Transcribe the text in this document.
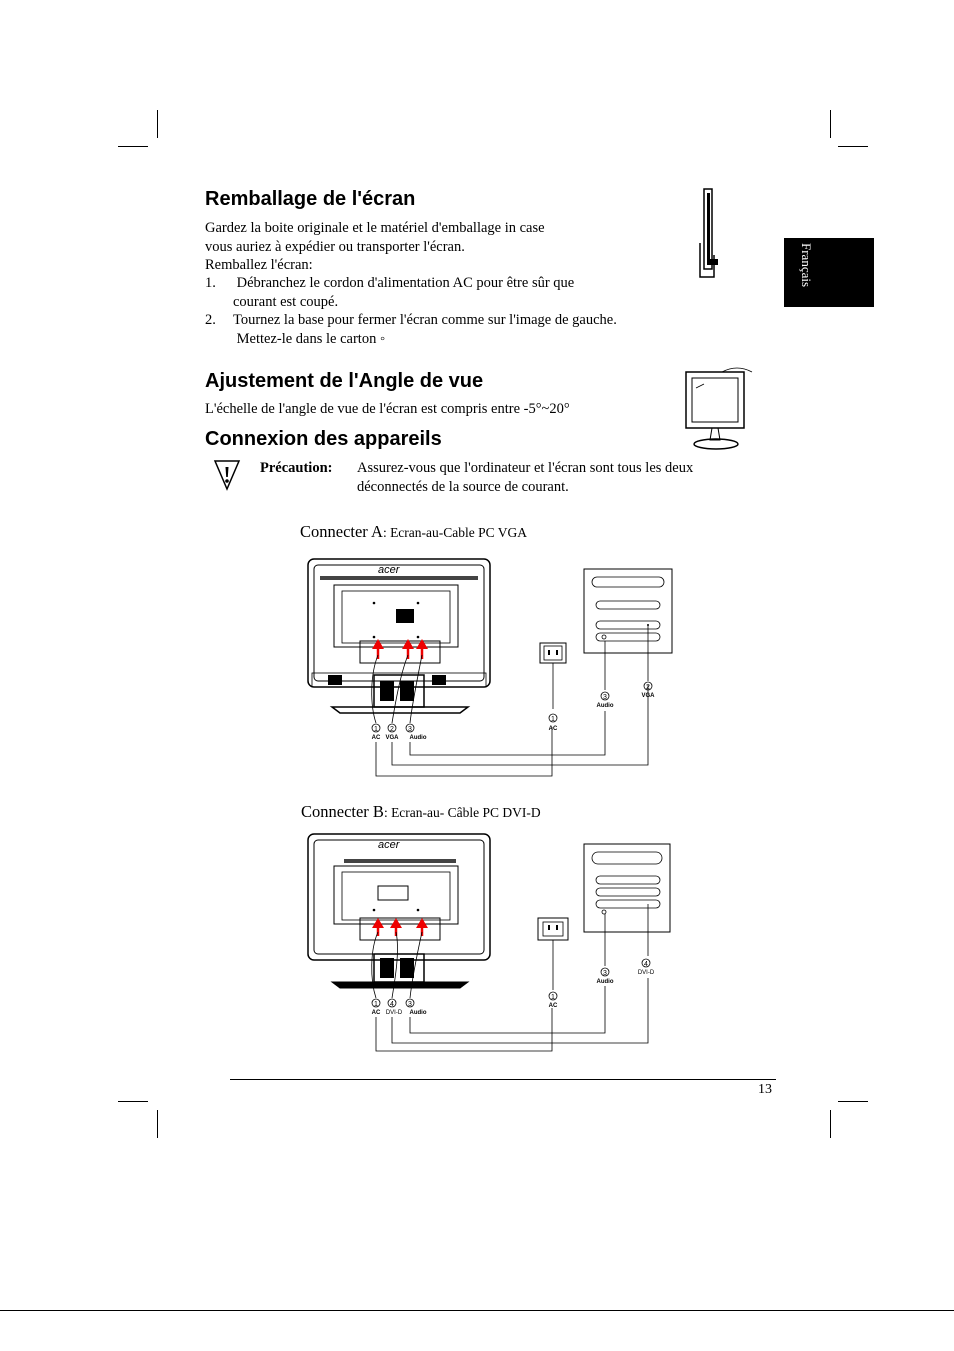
Français
Remballage de l'écran
Gardez la boite originale et le matériel d'emballage in case
vous auriez à expédier ou transporter l'écran.
Remballez l'écran:
1. Débranchez le cordon d'alimentation AC pour être sûr que
courant est coupé.
2. Tournez la base pour fermer l'écran comme sur l'image de gauche.
Mettez-le dans le carton ◦
Ajustement de l'Angle de vue
L'échelle de l'angle de vue de l'écran est compris entre -5°~20°
Connexion des appareils
Précaution: Assurez-vous que l'ordinateur et l'écran sont tous les deux
déconnectés de la source de courant.
Connecter A: Ecran-au-Cable PC VGA
acer
1
AC
2
VGA
3
Audio
1
AC
3
Audio
2
VGA
Connecter B: Ecran-au- Câble PC DVI-D
acer
1
AC
4
DVI-D
3
Audio
1
AC
3
Audio
4
DVI-D
13
